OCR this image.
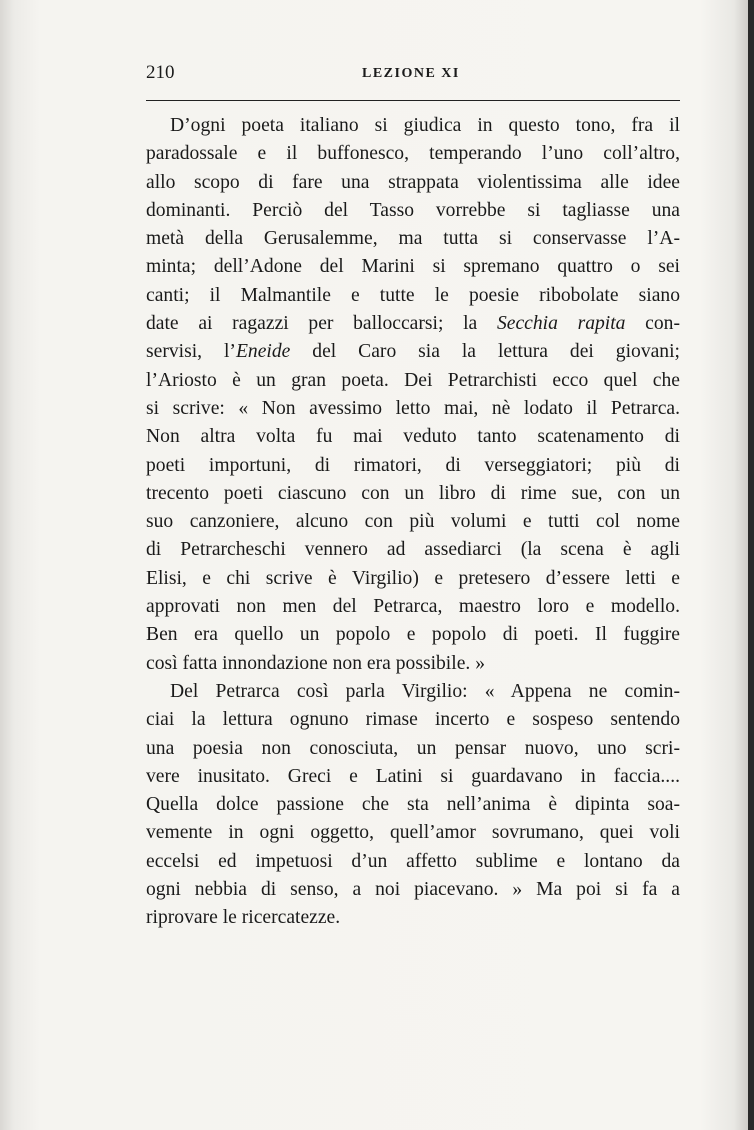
210	LEZIONE XI
D’ogni poeta italiano si giudica in questo tono, fra il
paradossale e il buffonesco, temperando l’uno coll’altro,
allo scopo di fare una strappata violentissima alle idee
dominanti. Perciò del Tasso vorrebbe si tagliasse una
metà della Gerusalemme, ma tutta si conservasse l’A-
minta; dell’Adone del Marini si spremano quattro o sei
canti; il Malmantile e tutte le poesie ribobolate siano
date ai ragazzi per balloccarsi; la Secchia rapita con-
servisi, l’Eneide del Caro sia la lettura dei giovani;
l’Ariosto è un gran poeta. Dei Petrarchisti ecco quel che
si scrive: « Non avessimo letto mai, nè lodato il Petrarca.
Non altra volta fu mai veduto tanto scatenamento di
poeti importuni, di rimatori, di verseggiatori; più di
trecento poeti ciascuno con un libro di rime sue, con un
suo canzoniere, alcuno con più volumi e tutti col nome
di Petrarcheschi vennero ad assediarci (la scena è agli
Elisi, e chi scrive è Virgilio) e pretesero d’essere letti e
approvati non men del Petrarca, maestro loro e modello.
Ben era quello un popolo e popolo di poeti. Il fuggire
così fatta innondazione non era possibile. »
Del Petrarca così parla Virgilio: « Appena ne comin-
ciai la lettura ognuno rimase incerto e sospeso sentendo
una poesia non conosciuta, un pensar nuovo, uno scri-
vere inusitato. Greci e Latini si guardavano in faccia....
Quella dolce passione che sta nell’anima è dipinta soa-
vemente in ogni oggetto, quell’amor sovrumano, quei voli
eccelsi ed impetuosi d’un affetto sublime e lontano da
ogni nebbia di senso, a noi piacevano. » Ma poi si fa a
riprovare le ricercatezze.
